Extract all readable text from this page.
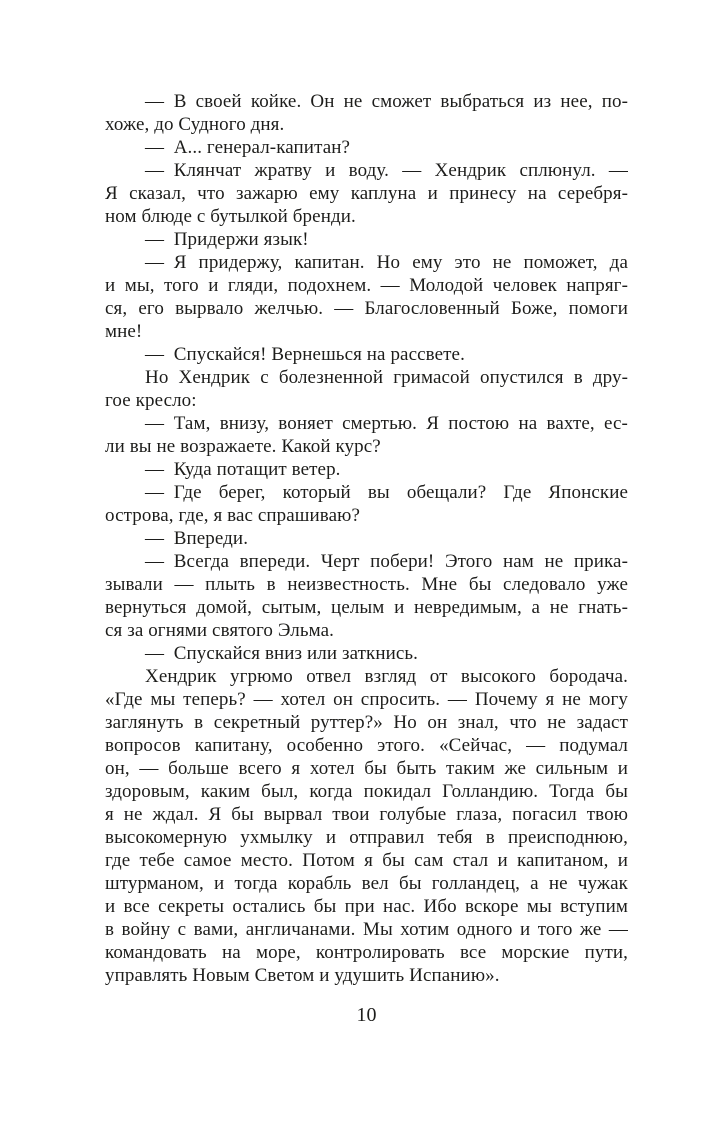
— В своей койке. Он не сможет выбраться из нее, по-
хоже, до Судного дня.
— А... генерал-капитан?
— Клянчат жратву и воду. — Хендрик сплюнул. —
Я сказал, что зажарю ему каплуна и принесу на серебря-
ном блюде с бутылкой бренди.
— Придержи язык!
— Я придержу, капитан. Но ему это не поможет, да
и мы, того и гляди, подохнем. — Молодой человек напряг-
ся, его вырвало желчью. — Благословенный Боже, помоги
мне!
— Спускайся! Вернешься на рассвете.
Но Хендрик с болезненной гримасой опустился в дру-
гое кресло:
— Там, внизу, воняет смертью. Я постою на вахте, ес-
ли вы не возражаете. Какой курс?
— Куда потащит ветер.
— Где берег, который вы обещали? Где Японские
острова, где, я вас спрашиваю?
— Впереди.
— Всегда впереди. Черт побери! Этого нам не прика-
зывали — плыть в неизвестность. Мне бы следовало уже
вернуться домой, сытым, целым и невредимым, а не гнать-
ся за огнями святого Эльма.
— Спускайся вниз или заткнись.
Хендрик угрюмо отвел взгляд от высокого бородача.
«Где мы теперь? — хотел он спросить. — Почему я не могу
заглянуть в секретный руттер?» Но он знал, что не задаст
вопросов капитану, особенно этого. «Сейчас, — подумал
он, — больше всего я хотел бы быть таким же сильным и
здоровым, каким был, когда покидал Голландию. Тогда бы
я не ждал. Я бы вырвал твои голубые глаза, погасил твою
высокомерную ухмылку и отправил тебя в преисподнюю,
где тебе самое место. Потом я бы сам стал и капитаном, и
штурманом, и тогда корабль вел бы голландец, а не чужак
и все секреты остались бы при нас. Ибо вскоре мы вступим
в войну с вами, англичанами. Мы хотим одного и того же —
командовать на море, контролировать все морские пути,
управлять Новым Светом и удушить Испанию».
10
